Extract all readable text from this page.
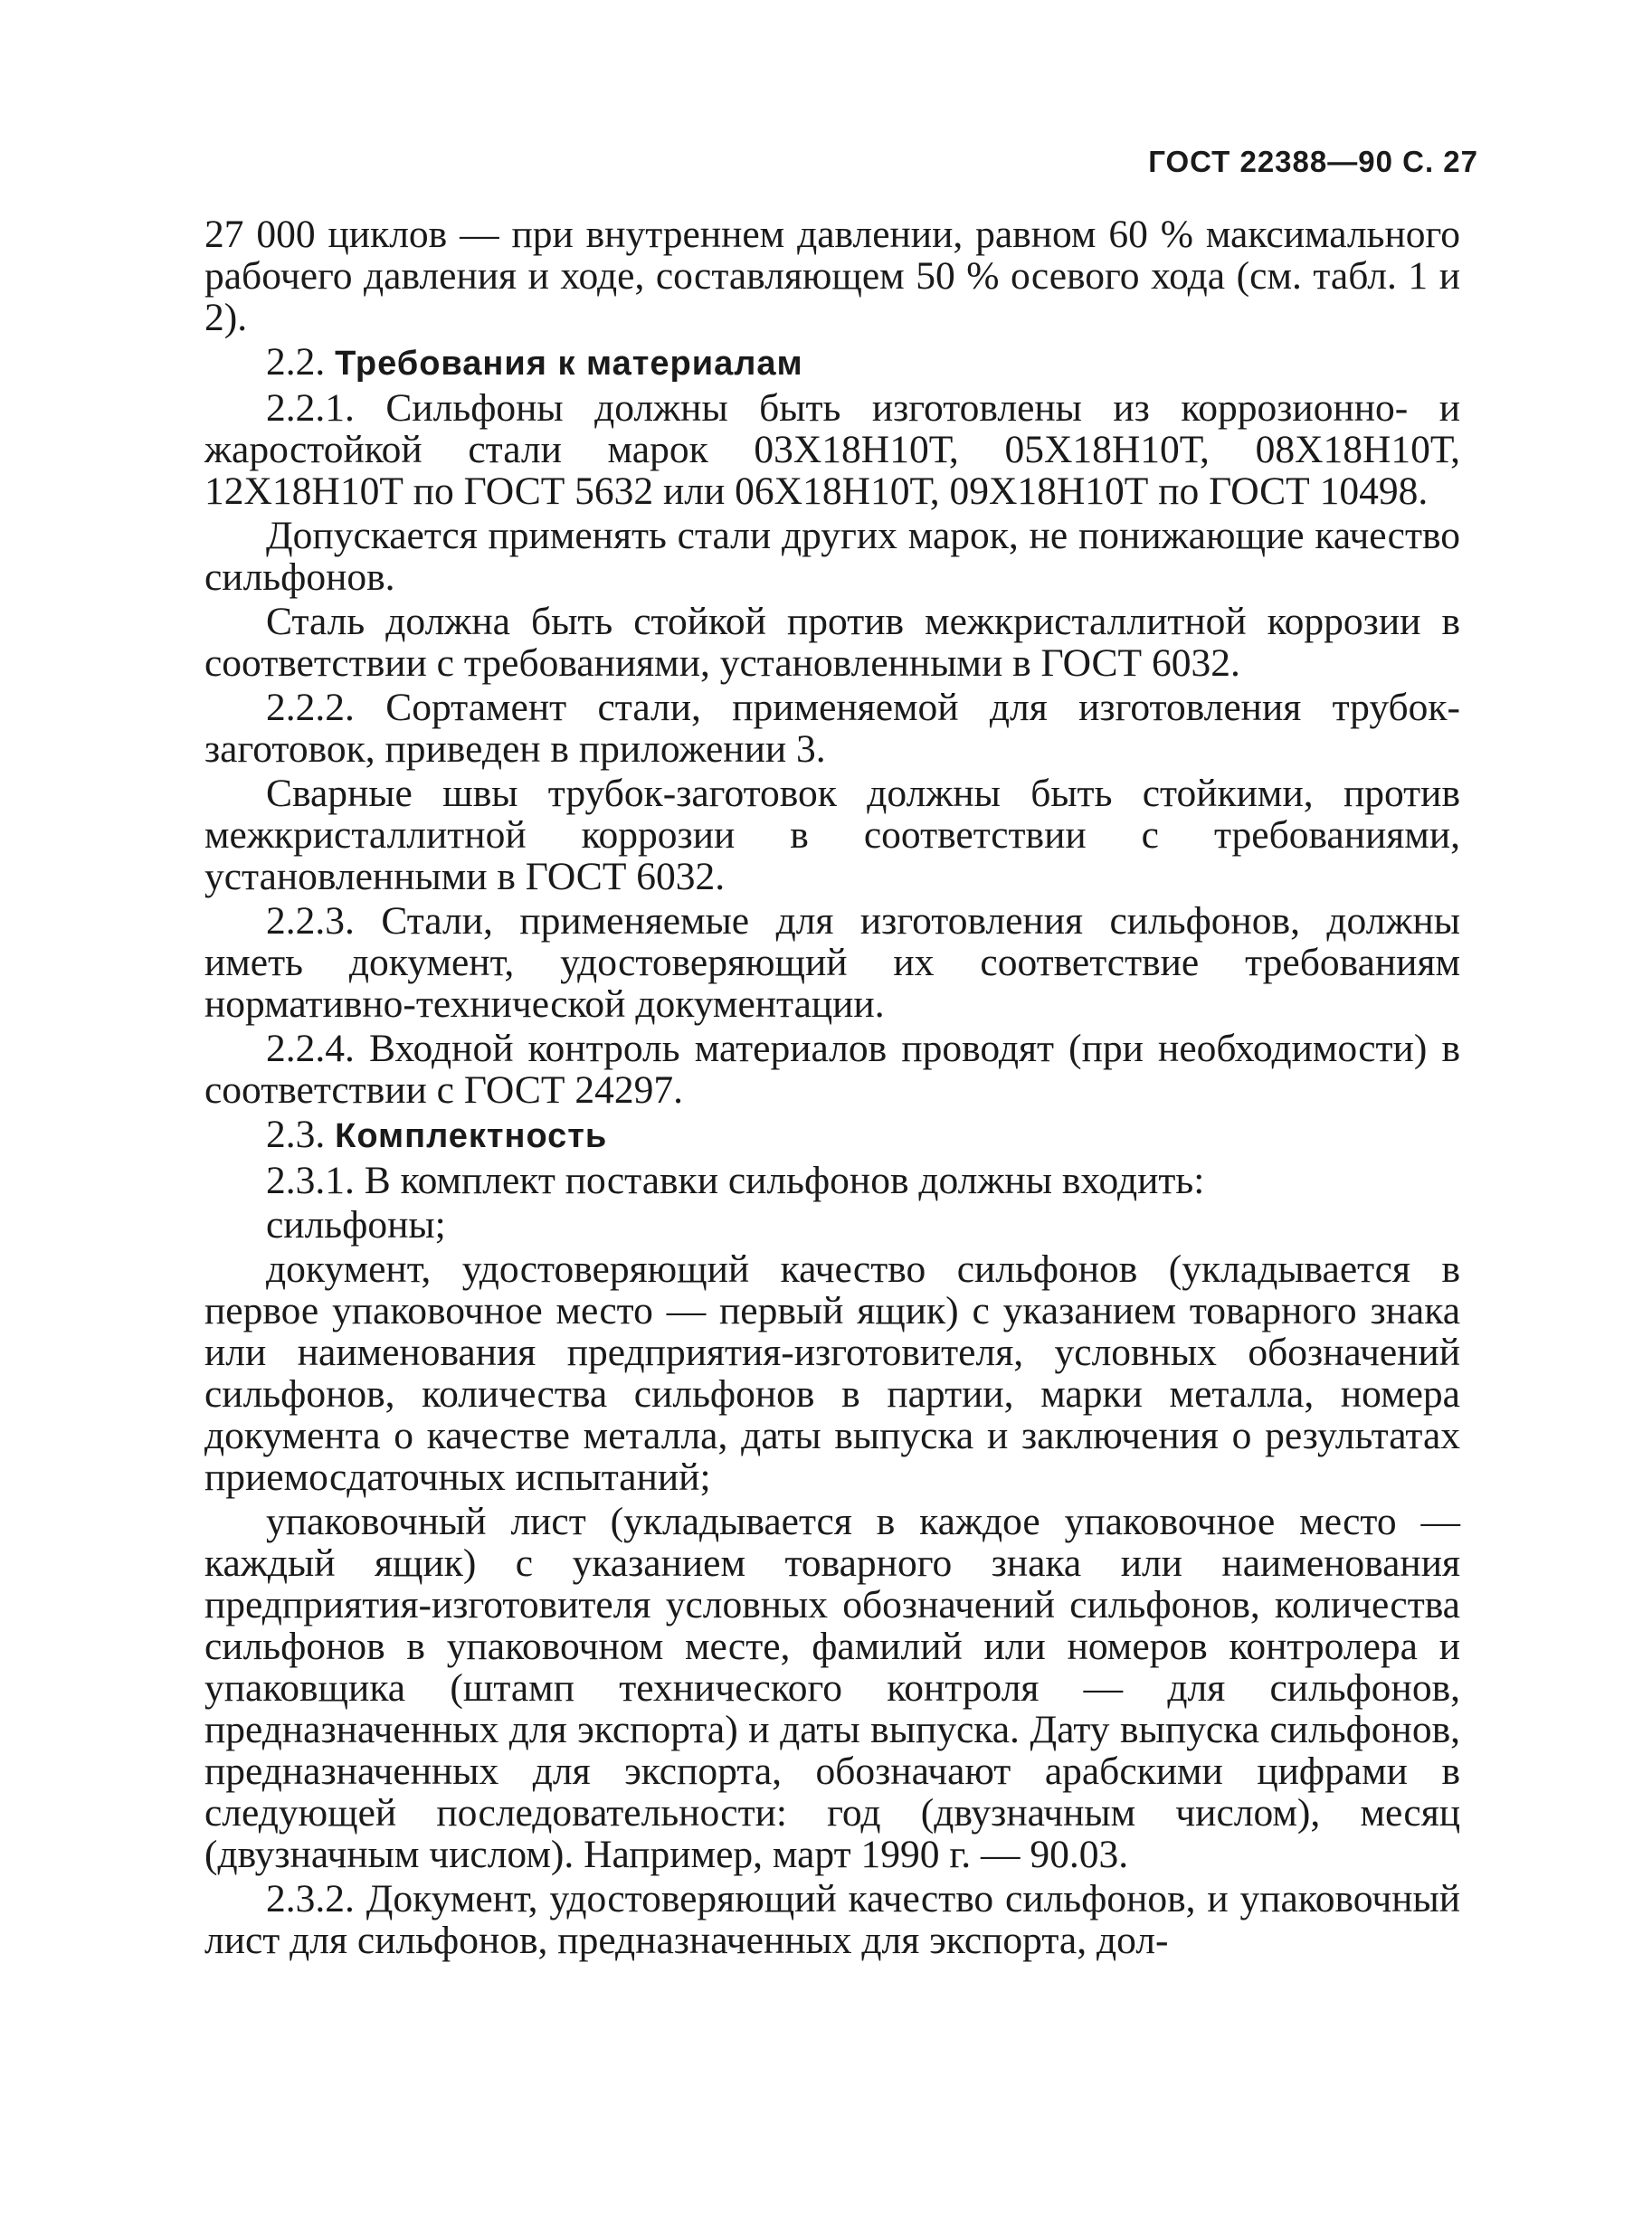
ГОСТ 22388—90 С. 27

27 000 циклов — при внутреннем давлении, равном 60 % максимального рабочего давления и ходе, составляющем 50 % осевого хода (см. табл. 1 и 2).

2.2. Требования к материалам

2.2.1. Сильфоны должны быть изготовлены из коррозионно- и жаростойкой стали марок 03Х18Н10Т, 05Х18Н10Т, 08Х18Н10Т, 12Х18Н10Т по ГОСТ 5632 или 06Х18Н10Т, 09Х18Н10Т по ГОСТ 10498.

Допускается применять стали других марок, не понижающие качество сильфонов.

Сталь должна быть стойкой против межкристаллитной коррозии в соответствии с требованиями, установленными в ГОСТ 6032.

2.2.2. Сортамент стали, применяемой для изготовления трубок-заготовок, приведен в приложении 3.

Сварные швы трубок-заготовок должны быть стойкими, против межкристаллитной коррозии в соответствии с требованиями, установленными в ГОСТ 6032.

2.2.3. Стали, применяемые для изготовления сильфонов, должны иметь документ, удостоверяющий их соответствие требованиям нормативно-технической документации.

2.2.4. Входной контроль материалов проводят (при необходимости) в соответствии с ГОСТ 24297.

2.3. Комплектность

2.3.1. В комплект поставки сильфонов должны входить:

сильфоны;

документ, удостоверяющий качество сильфонов (укладывается в первое упаковочное место — первый ящик) с указанием товарного знака или наименования предприятия-изготовителя, условных обозначений сильфонов, количества сильфонов в партии, марки металла, номера документа о качестве металла, даты выпуска и заключения о результатах приемосдаточных испытаний;

упаковочный лист (укладывается в каждое упаковочное место — каждый ящик) с указанием товарного знака или наименования предприятия-изготовителя условных обозначений сильфонов, количества сильфонов в упаковочном месте, фамилий или номеров контролера и упаковщика (штамп технического контроля — для сильфонов, предназначенных для экспорта) и даты выпуска. Дату выпуска сильфонов, предназначенных для экспорта, обозначают арабскими цифрами в следующей последовательности: год (двузначным числом), месяц (двузначным числом). Например, март 1990 г. — 90.03.

2.3.2. Документ, удостоверяющий качество сильфонов, и упаковочный лист для сильфонов, предназначенных для экспорта, дол-
